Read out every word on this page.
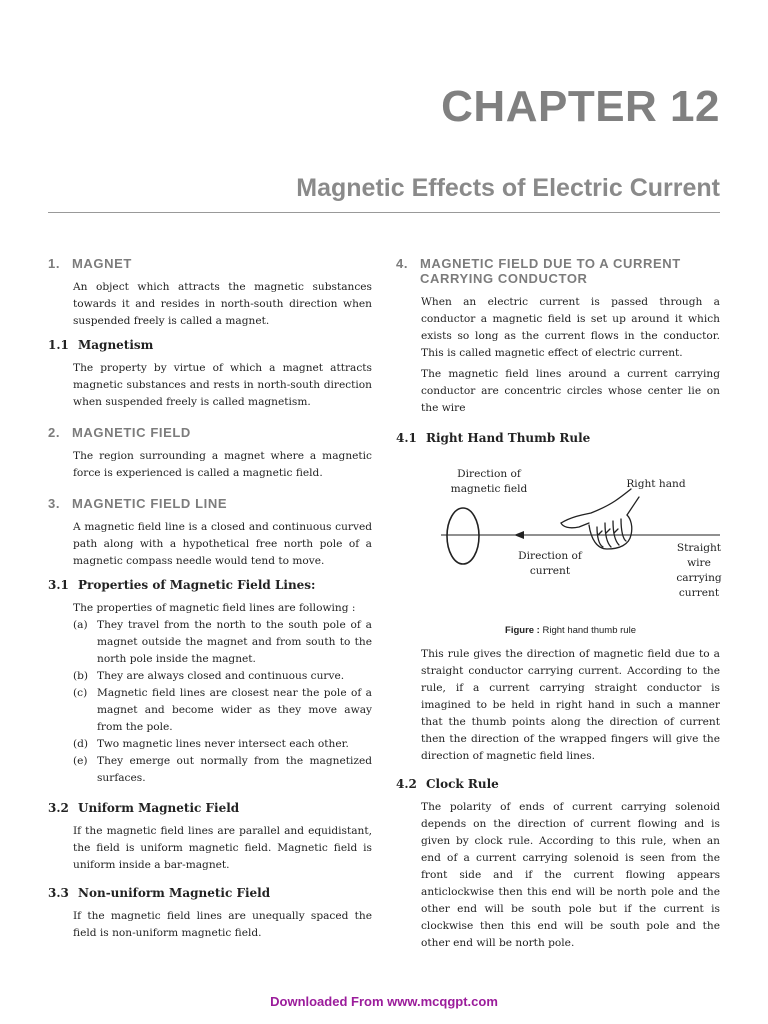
CHAPTER 12
Magnetic Effects of Electric Current
1. MAGNET

An object which attracts the magnetic substances towards it and resides in north-south direction when suspended freely is called a magnet.

1.1 Magnetism

The property by virtue of which a magnet attracts magnetic substances and rests in north-south direction when suspended freely is called magnetism.

2. MAGNETIC FIELD

The region surrounding a magnet where a magnetic force is experienced is called a magnetic field.

3. MAGNETIC FIELD LINE

A magnetic field line is a closed and continuous curved path along with a hypothetical free north pole of a magnetic compass needle would tend to move.

3.1 Properties of Magnetic Field Lines:

The properties of magnetic field lines are following :

(a) They travel from the north to the south pole of a magnet outside the magnet and from south to the north pole inside the magnet.
(b) They are always closed and continuous curve.
(c) Magnetic field lines are closest near the pole of a magnet and become wider as they move away from the pole.
(d) Two magnetic lines never intersect each other.
(e) They emerge out normally from the magnetized surfaces.
3.2 Uniform Magnetic Field

If the magnetic field lines are parallel and equidistant, the field is uniform magnetic field. Magnetic field is uniform inside a bar-magnet.

3.3 Non-uniform Magnetic Field

If the magnetic field lines are unequally spaced the field is non-uniform magnetic field.

4. MAGNETIC FIELD DUE TO A CURRENT CARRYING CONDUCTOR

When an electric current is passed through a conductor a magnetic field is set up around it which exists so long as the current flows in the conductor. This is called magnetic effect of electric current.

The magnetic field lines around a current carrying conductor are concentric circles whose center lie on the wire

4.1 Right Hand Thumb Rule
Direction of magnetic field	Right hand
Direction of current
Straight wire carrying current

Figure : Right hand thumb rule

This rule gives the direction of magnetic field due to a straight conductor carrying current. According to the rule, if a current carrying straight conductor is imagined to be held in right hand in such a manner that the thumb points along the direction of current then the direction of the wrapped fingers will give the direction of magnetic field lines.

4.2 Clock Rule

The polarity of ends of current carrying solenoid depends on the direction of current flowing and is given by clock rule. According to this rule, when an end of a current carrying solenoid is seen from the front side and if the current flowing appears anticlockwise then this end will be north pole and the other end will be south pole but if the current is clockwise then this end will be south pole and the other end will be north pole.

Downloaded From www.mcqgpt.com
